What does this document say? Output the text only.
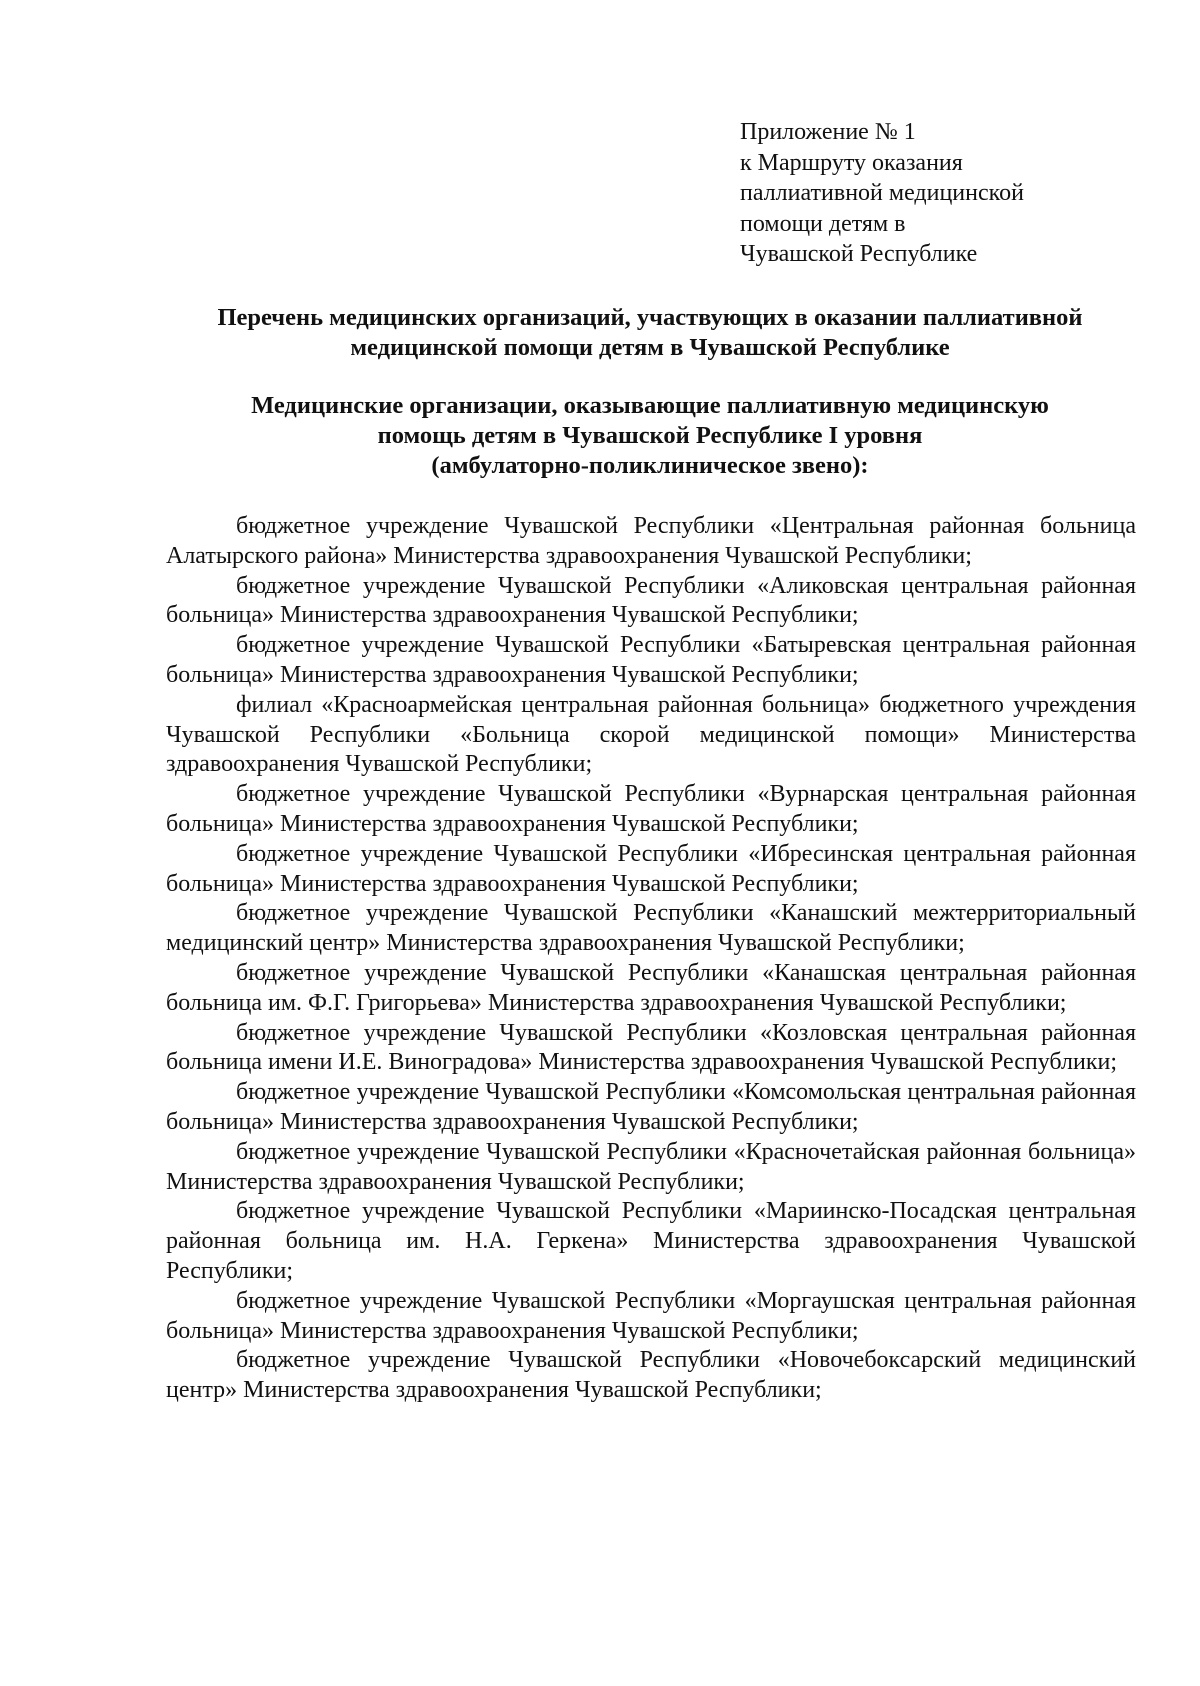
Приложение № 1
к Маршруту оказания
паллиативной медицинской
помощи детям в
Чувашской Республике
Перечень медицинских организаций, участвующих в оказании паллиативной
медицинской помощи детям в Чувашской Республике
Медицинские организации, оказывающие паллиативную медицинскую
помощь детям в Чувашской Республике I уровня
(амбулаторно-поликлиническое звено):
бюджетное учреждение Чувашской Республики «Центральная районная больница Алатырского района» Министерства здравоохранения Чувашской Республики;
бюджетное учреждение Чувашской Республики «Аликовская центральная районная больница» Министерства здравоохранения Чувашской Республики;
бюджетное учреждение Чувашской Республики «Батыревская центральная районная больница» Министерства здравоохранения Чувашской Республики;
филиал «Красноармейская центральная районная больница» бюджетного учреждения Чувашской Республики «Больница скорой медицинской помощи» Министерства здравоохранения Чувашской Республики;
бюджетное учреждение Чувашской Республики «Вурнарская центральная районная больница» Министерства здравоохранения Чувашской Республики;
бюджетное учреждение Чувашской Республики «Ибресинская центральная районная больница» Министерства здравоохранения Чувашской Республики;
бюджетное учреждение Чувашской Республики «Канашский межтерриториальный медицинский центр» Министерства здравоохранения Чувашской Республики;
бюджетное учреждение Чувашской Республики «Канашская центральная районная больница им. Ф.Г. Григорьева» Министерства здравоохранения Чувашской Республики;
бюджетное учреждение Чувашской Республики «Козловская центральная районная больница имени И.Е. Виноградова» Министерства здравоохранения Чувашской Республики;
бюджетное учреждение Чувашской Республики «Комсомольская центральная районная больница» Министерства здравоохранения Чувашской Республики;
бюджетное учреждение Чувашской Республики «Красночетайская районная больница» Министерства здравоохранения Чувашской Республики;
бюджетное учреждение Чувашской Республики «Мариинско-Посадская центральная районная больница им. Н.А. Геркена» Министерства здравоохранения Чувашской Республики;
бюджетное учреждение Чувашской Республики «Моргаушская центральная районная больница» Министерства здравоохранения Чувашской Республики;
бюджетное учреждение Чувашской Республики «Новочебоксарский медицинский центр» Министерства здравоохранения Чувашской Республики;
